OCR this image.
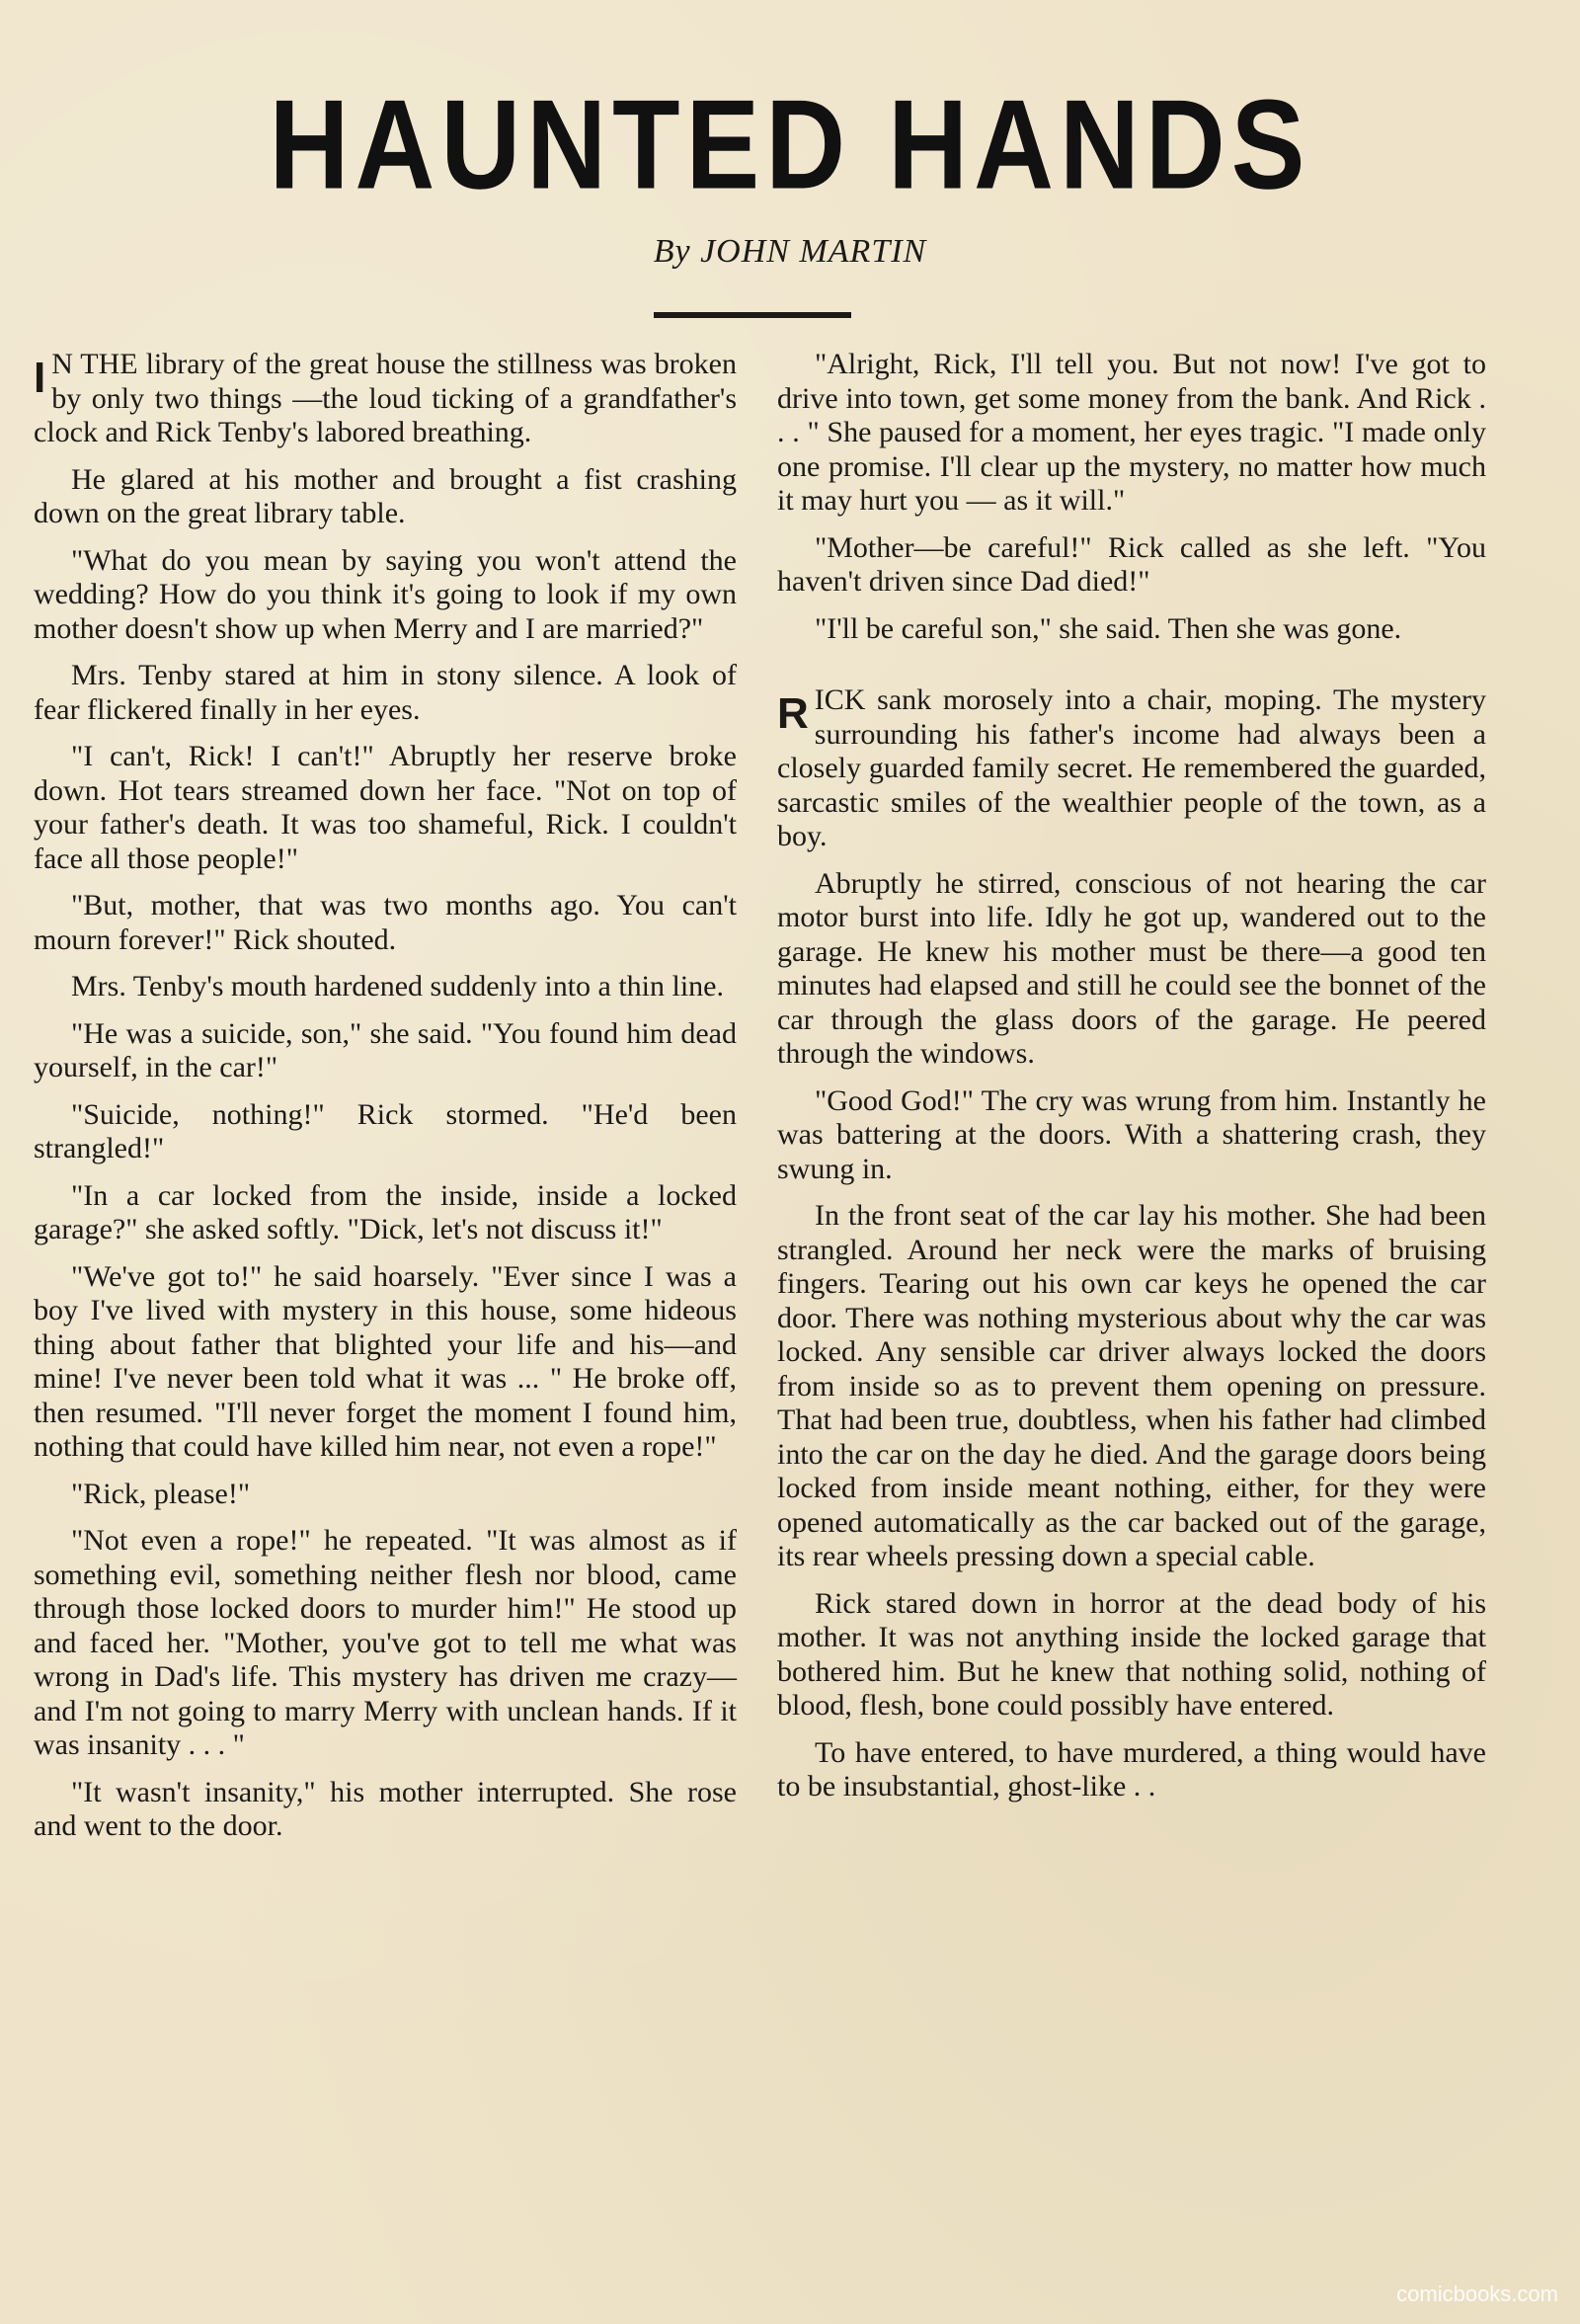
HAUNTED HANDS
By JOHN MARTIN

I N THE library of the great house the stillness was broken by only two things —the loud ticking of a grandfather's clock and Rick Tenby's labored breathing.

He glared at his mother and brought a fist crashing down on the great library table.

"What do you mean by saying you won't attend the wedding? How do you think it's going to look if my own mother doesn't show up when Merry and I are married?"

Mrs. Tenby stared at him in stony silence. A look of fear flickered finally in her eyes.

"I can't, Rick! I can't!" Abruptly her reserve broke down. Hot tears streamed down her face. "Not on top of your father's death. It was too shameful, Rick. I couldn't face all those people!"

"But, mother, that was two months ago. You can't mourn forever!" Rick shouted.

Mrs. Tenby's mouth hardened suddenly into a thin line.

"He was a suicide, son," she said. "You found him dead yourself, in the car!"

"Suicide, nothing!" Rick stormed. "He'd been strangled!"

"In a car locked from the inside, inside a locked garage?" she asked softly. "Dick, let's not discuss it!"

"We've got to!" he said hoarsely. "Ever since I was a boy I've lived with mystery in this house, some hideous thing about father that blighted your life and his—and mine! I've never been told what it was ... " He broke off, then resumed. "I'll never forget the moment I found him, nothing that could have killed him near, not even a rope!"

"Rick, please!"

"Not even a rope!" he repeated. "It was almost as if something evil, something neither flesh nor blood, came through those locked doors to murder him!" He stood up and faced her. "Mother, you've got to tell me what was wrong in Dad's life. This mystery has driven me crazy—and I'm not going to marry Merry with unclean hands. If it was insanity . . . "

"It wasn't insanity," his mother interrupted. She rose and went to the door.

"Alright, Rick, I'll tell you. But not now! I've got to drive into town, get some money from the bank. And Rick . . . " She paused for a moment, her eyes tragic. "I made only one promise. I'll clear up the mystery, no matter how much it may hurt you — as it will."

"Mother—be careful!" Rick called as she left. "You haven't driven since Dad died!"

"I'll be careful son," she said. Then she was gone.

R ICK sank morosely into a chair, moping. The mystery surrounding his father's income had always been a closely guarded family secret. He remembered the guarded, sarcastic smiles of the wealthier people of the town, as a boy.

Abruptly he stirred, conscious of not hearing the car motor burst into life. Idly he got up, wandered out to the garage. He knew his mother must be there—a good ten minutes had elapsed and still he could see the bonnet of the car through the glass doors of the garage. He peered through the windows.

"Good God!" The cry was wrung from him. Instantly he was battering at the doors. With a shattering crash, they swung in.

In the front seat of the car lay his mother. She had been strangled. Around her neck were the marks of bruising fingers. Tearing out his own car keys he opened the car door. There was nothing mysterious about why the car was locked. Any sensible car driver always locked the doors from inside so as to prevent them opening on pressure. That had been true, doubtless, when his father had climbed into the car on the day he died. And the garage doors being locked from inside meant nothing, either, for they were opened automatically as the car backed out of the garage, its rear wheels pressing down a special cable.

Rick stared down in horror at the dead body of his mother. It was not anything inside the locked garage that bothered him. But he knew that nothing solid, nothing of blood, flesh, bone could possibly have entered.

To have entered, to have murdered, a thing would have to be insubstantial, ghost-like . .

comicbooks.com
